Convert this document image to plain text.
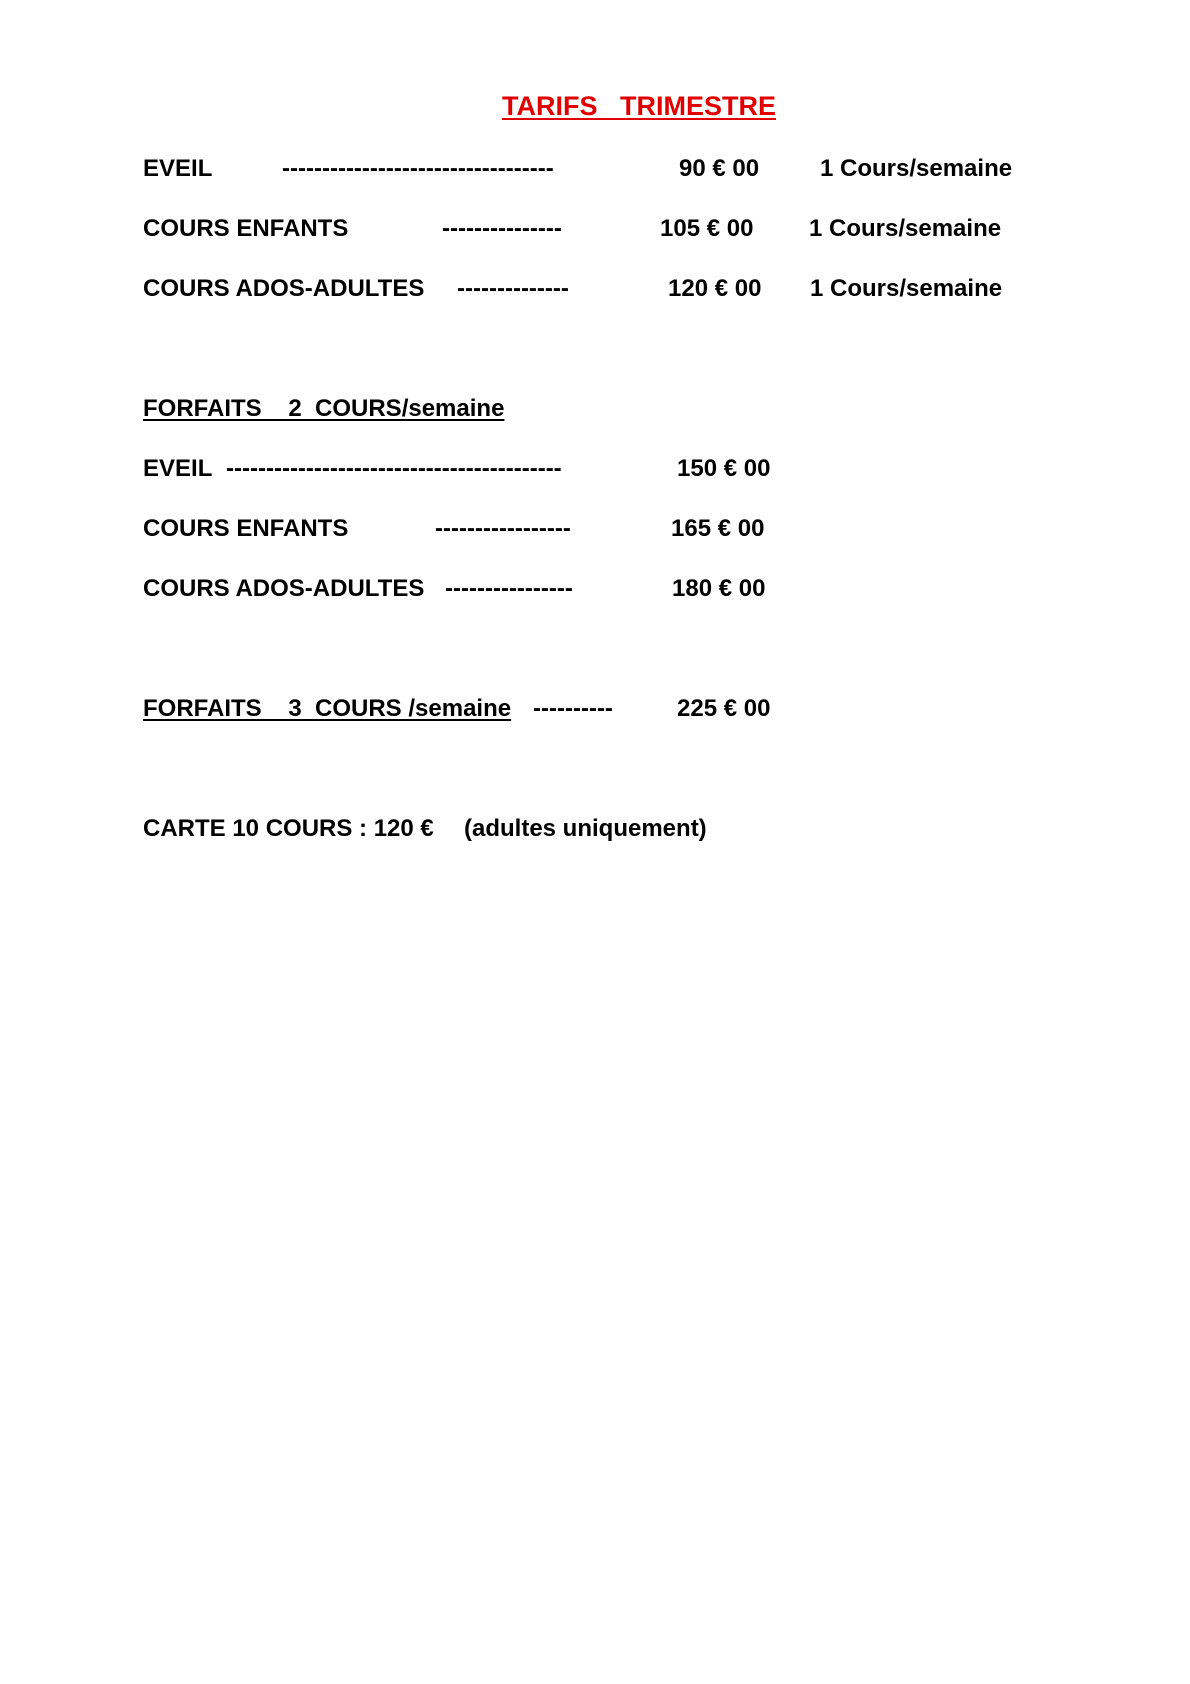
TARIFS   TRIMESTRE
EVEIL	----------------------------------	90 € 00	1 Cours/semaine
COURS ENFANTS	---------------	105 € 00 1 Cours/semaine
COURS ADOS-ADULTES --------------	120 € 00 1 Cours/semaine
FORFAITS    2  COURS/semaine
EVEIL ------------------------------------------	150 € 00
COURS ENFANTS	-----------------	165 € 00
COURS ADOS-ADULTES ----------------	180 € 00
FORFAITS    3  COURS /semaine ----------	225 € 00
CARTE 10 COURS : 120 € (adultes uniquement)
